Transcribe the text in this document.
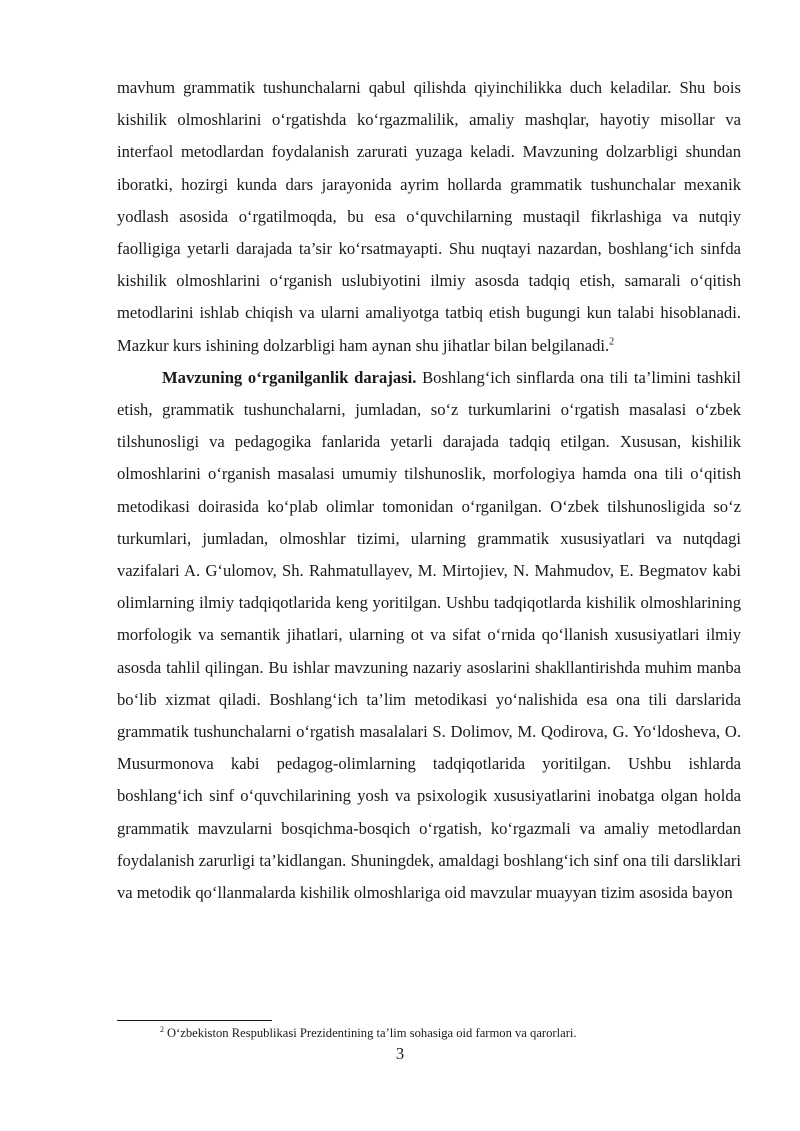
mavhum grammatik tushunchalarni qabul qilishda qiyinchilikka duch keladilar. Shu bois kishilik olmoshlarini o‘rgatishda ko‘rgazmalilik, amaliy mashqlar, hayotiy misollar va interfaol metodlardan foydalanish zarurati yuzaga keladi. Mavzuning dolzarbligi shundan iboratki, hozirgi kunda dars jarayonida ayrim hollarda grammatik tushunchalar mexanik yodlash asosida o‘rgatilmoqda, bu esa o‘quvchilarning mustaqil fikrlashiga va nutqiy faolligiga yetarli darajada ta’sir ko‘rsatmayapti. Shu nuqtayi nazardan, boshlang‘ich sinfda kishilik olmoshlarini o‘rganish uslubiyotini ilmiy asosda tadqiq etish, samarali o‘qitish metodlarini ishlab chiqish va ularni amaliyotga tatbiq etish bugungi kun talabi hisoblanadi. Mazkur kurs ishining dolzarbligi ham aynan shu jihatlar bilan belgilanadi.$^2$

Mavzuning o‘rganilganlik darajasi. Boshlang‘ich sinflarda ona tili ta’limini tashkil etish, grammatik tushunchalarni, jumladan, so‘z turkumlarini o‘rgatish masalasi o‘zbek tilshunosligi va pedagogika fanlarida yetarli darajada tadqiq etilgan. Xususan, kishilik olmoshlarini o‘rganish masalasi umumiy tilshunoslik, morfologiya hamda ona tili o‘qitish metodikasi doirasida ko‘plab olimlar tomonidan o‘rganilgan. O‘zbek tilshunosligida so‘z turkumlari, jumladan, olmoshlar tizimi, ularning grammatik xususiyatlari va nutqdagi vazifalari A. G‘ulomov, Sh. Rahmatullayev, M. Mirtojiev, N. Mahmudov, E. Begmatov kabi olimlarning ilmiy tadqiqotlarida keng yoritilgan. Ushbu tadqiqotlarda kishilik olmoshlarining morfologik va semantik jihatlari, ularning ot va sifat o‘rnida qo‘llanish xususiyatlari ilmiy asosda tahlil qilingan. Bu ishlar mavzuning nazariy asoslarini shakllantirishda muhim manba bo‘lib xizmat qiladi. Boshlang‘ich ta’lim metodikasi yo‘nalishida esa ona tili darslarida grammatik tushunchalarni o‘rgatish masalalari S. Dolimov, M. Qodirova, G. Yo‘ldosheva, O. Musurmonova kabi pedagog-olimlarning tadqiqotlarida yoritilgan. Ushbu ishlarda boshlang‘ich sinf o‘quvchilarining yosh va psixologik xususiyatlarini inobatga olgan holda grammatik mavzularni bosqichma-bosqich o‘rgatish, ko‘rgazmali va amaliy metodlardan foydalanish zarurligi ta’kidlangan. Shuningdek, amaldagi boshlang‘ich sinf ona tili darsliklari va metodik qo‘llanmalarda kishilik olmoshlariga oid mavzular muayyan tizim asosida bayon

$^2$ O‘zbekiston Respublikasi Prezidentining ta’lim sohasiga oid farmon va qarorlari.
3
